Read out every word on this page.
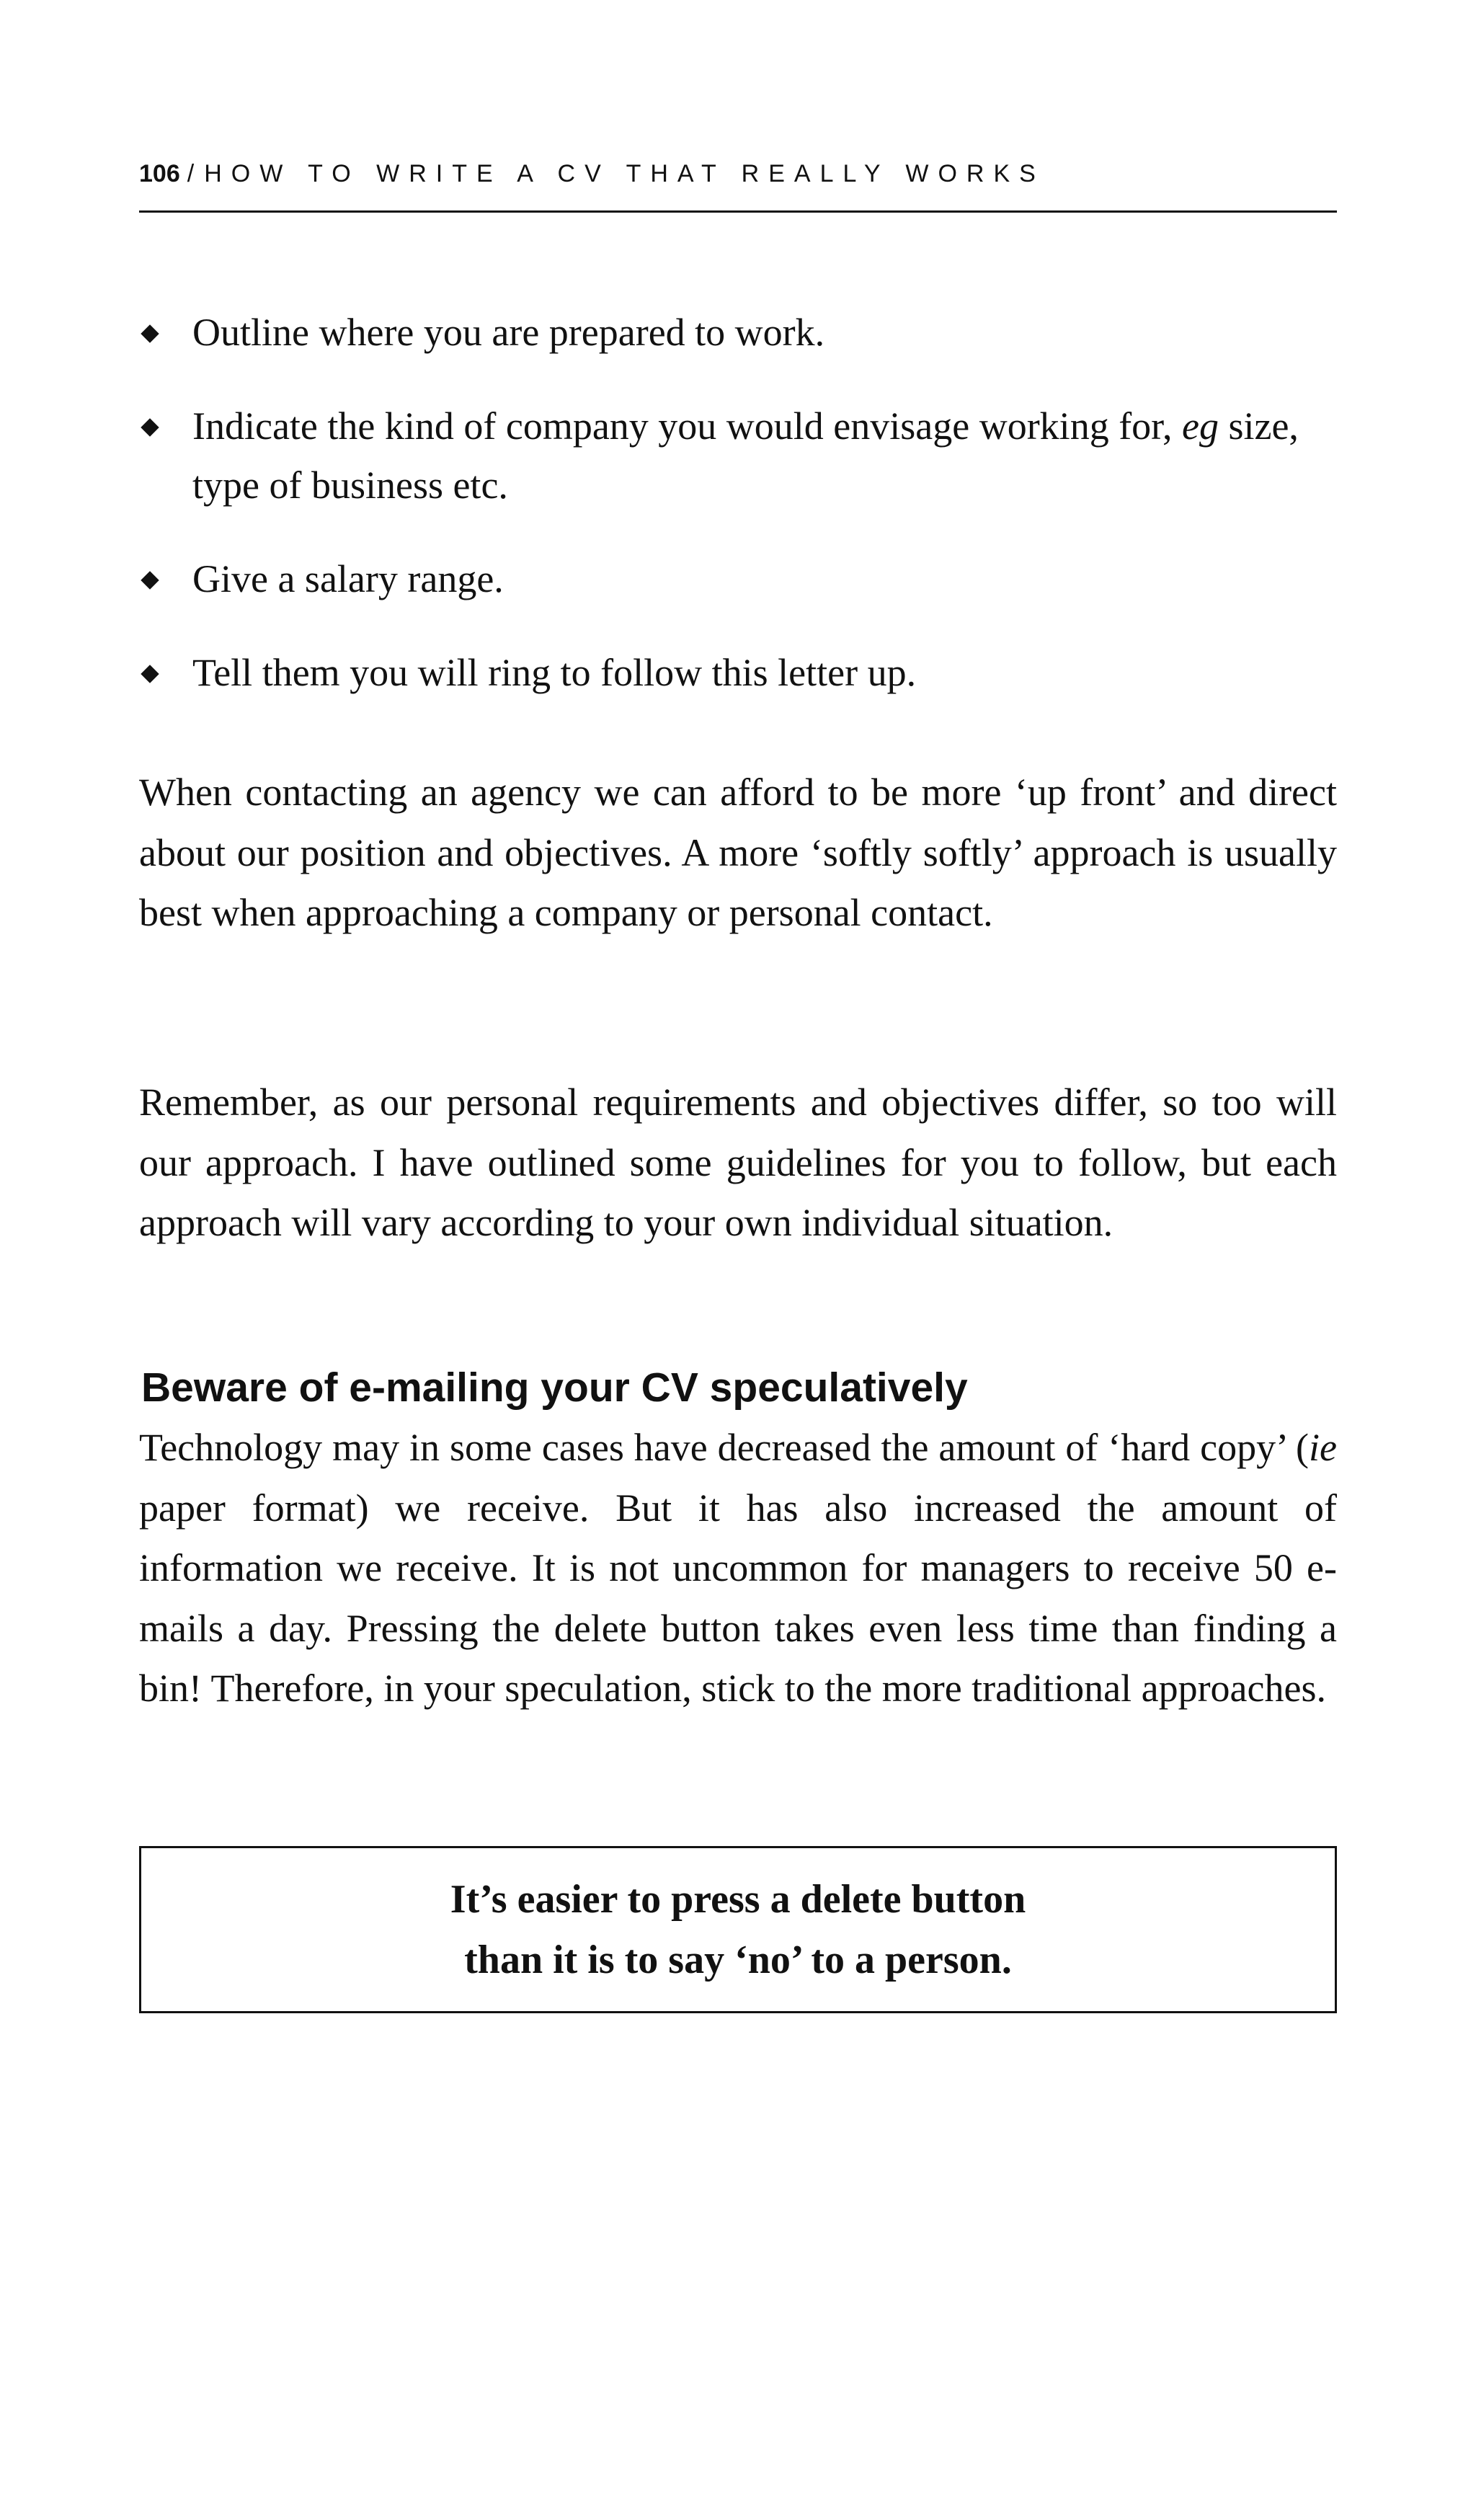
106 / HOW TO WRITE A CV THAT REALLY WORKS
Outline where you are prepared to work.
Indicate the kind of company you would envisage working for, eg size, type of business etc.
Give a salary range.
Tell them you will ring to follow this letter up.

When contacting an agency we can afford to be more ‘up front’ and direct about our position and objectives. A more ‘softly softly’ approach is usually best when approaching a company or personal contact.

Remember, as our personal requirements and objectives differ, so too will our approach. I have outlined some guidelines for you to follow, but each approach will vary according to your own individual situation.

Beware of e-mailing your CV speculatively

Technology may in some cases have decreased the amount of ‘hard copy’ (ie paper format) we receive. But it has also increased the amount of information we receive. It is not uncommon for managers to receive 50 e-mails a day. Pressing the delete button takes even less time than finding a bin! Therefore, in your speculation, stick to the more traditional approaches.

It’s easier to press a delete button
than it is to say ‘no’ to a person.
